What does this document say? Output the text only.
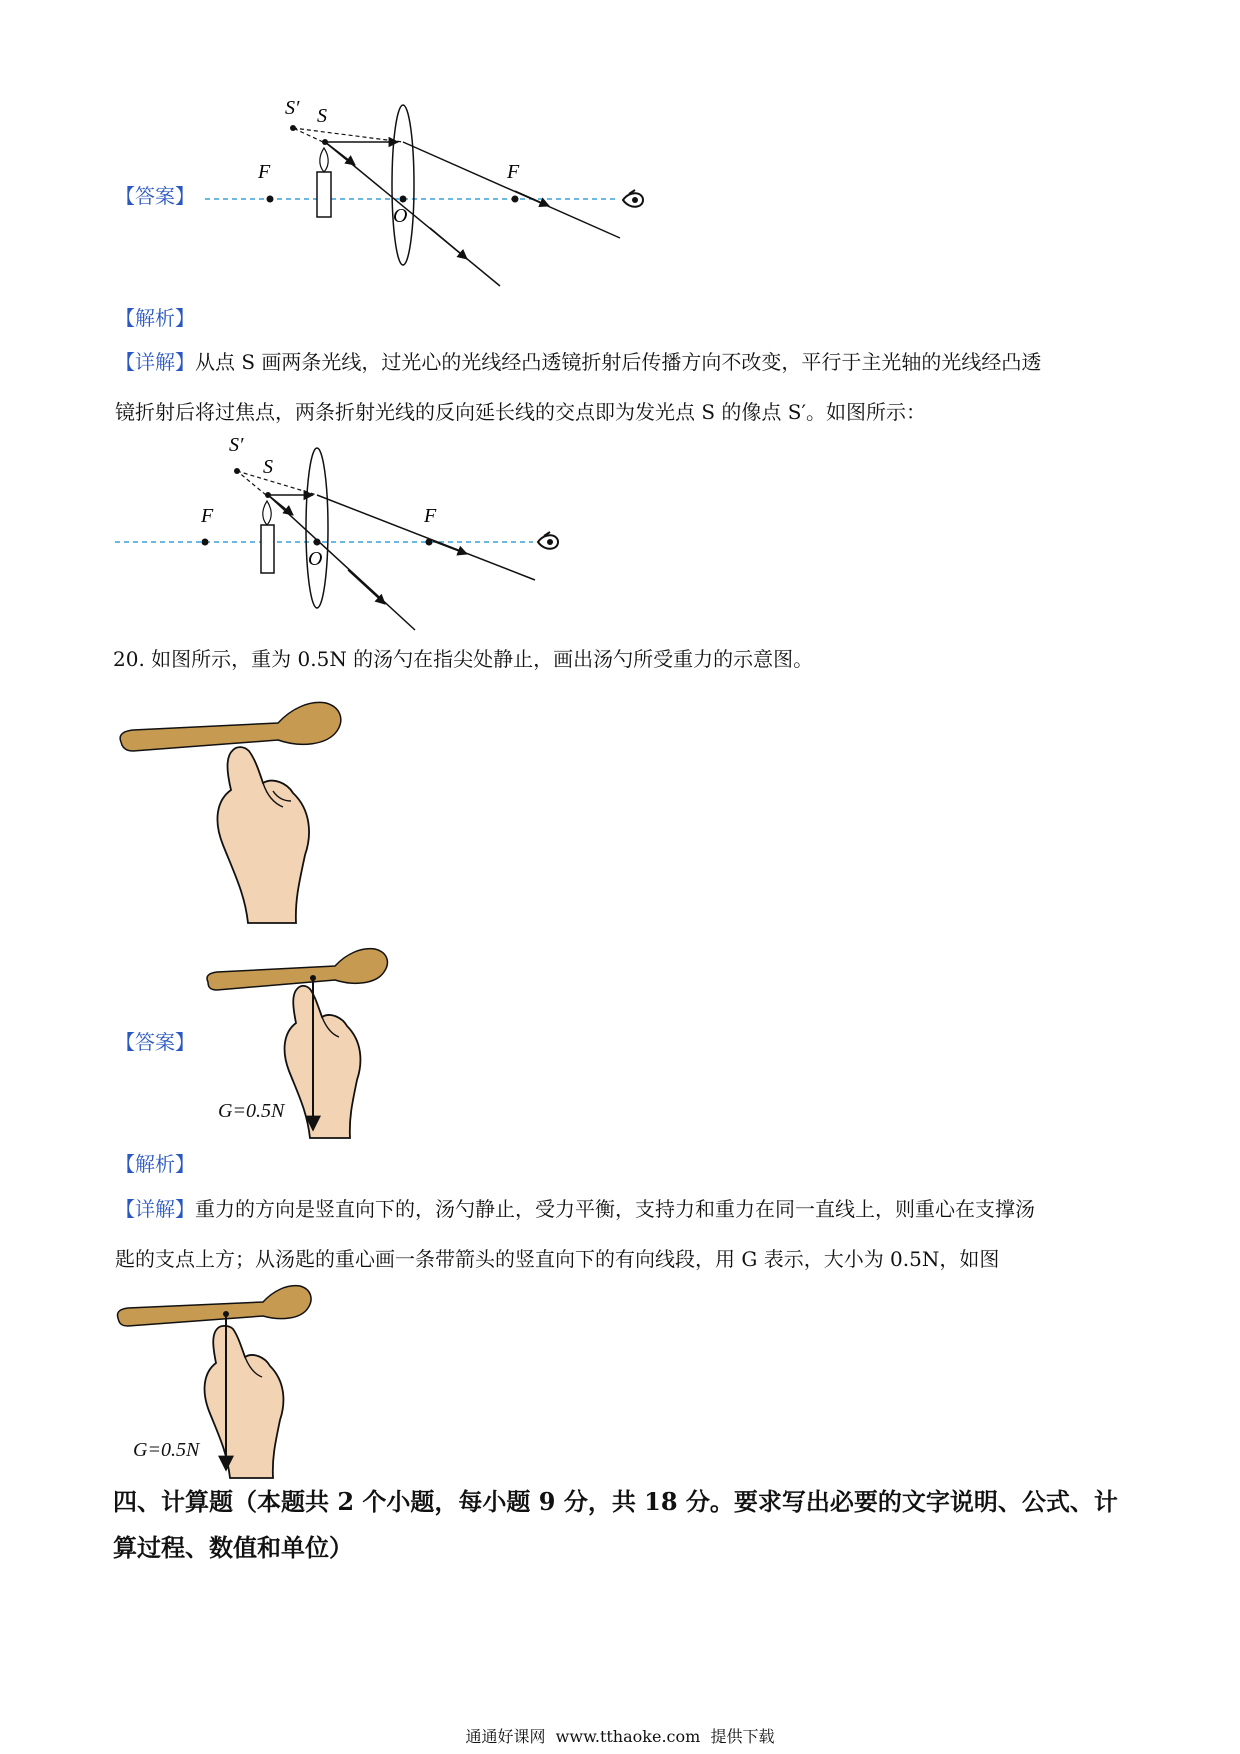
【答案】
S′ S
F	F
O
【解析】
【详解】从点 S 画两条光线，过光心的光线经凸透镜折射后传播方向不改变，平行于主光轴的光线经凸透
镜折射后将过焦点，两条折射光线的反向延长线的交点即为发光点 S 的像点 S′。如图所示：
S′
S
F	F
O
20. 如图所示，重为 0.5N 的汤勺在指尖处静止，画出汤勺所受重力的示意图。
【答案】
G=0.5N
【解析】
【详解】重力的方向是竖直向下的，汤勺静止，受力平衡，支持力和重力在同一直线上，则重心在支撑汤
匙的支点上方；从汤匙的重心画一条带箭头的竖直向下的有向线段，用 G 表示，大小为 0.5N，如图
G=0.5N
四、计算题（本题共 2 个小题，每小题 9 分，共 18 分。要求写出必要的文字说明、公式、计
算过程、数值和单位）
通通好课网  www.tthaoke.com  提供下载
